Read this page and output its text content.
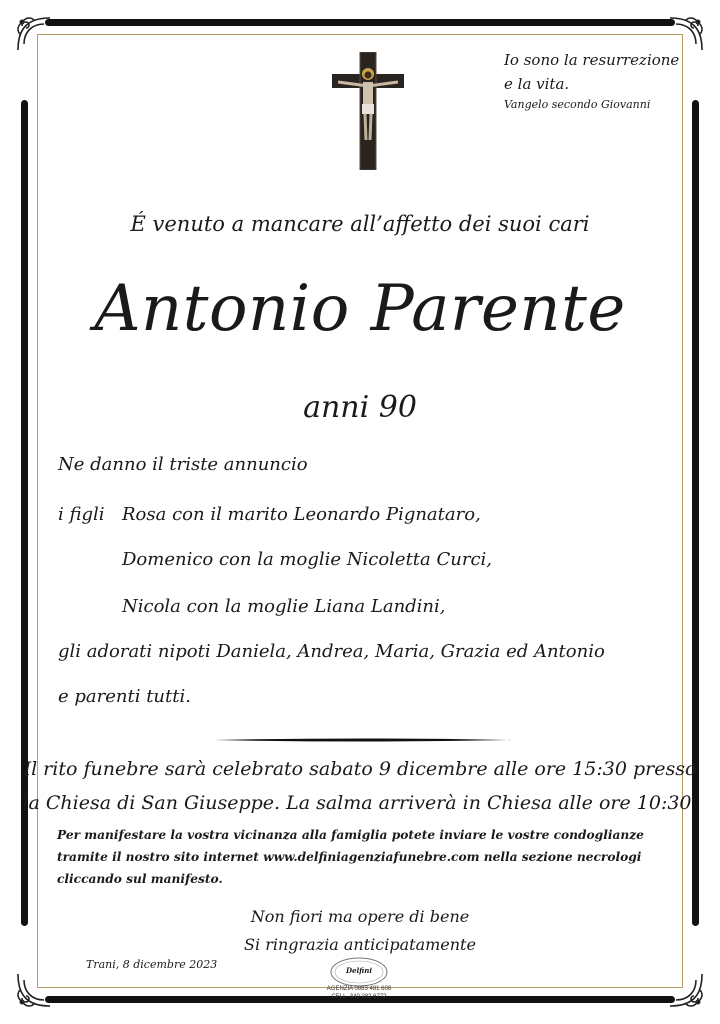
Io sono la resurrezione
e la vita.
Vangelo secondo Giovanni
É venuto a mancare all’affetto dei suoi cari
Antonio Parente
anni 90
Ne danno il triste annuncio
i figli Rosa con il marito Leonardo Pignataro,
Domenico con la moglie Nicoletta Curci,
Nicola con la moglie Liana Landini,
gli adorati nipoti Daniela, Andrea, Maria, Grazia ed Antonio
e parenti tutti.
Il rito funebre sarà celebrato sabato 9 dicembre alle ore 15:30 presso
la Chiesa di San Giuseppe. La salma arriverà in Chiesa alle ore 10:30.
Per manifestare la vostra vicinanza alla famiglia potete inviare le vostre condoglianze
tramite il nostro sito internet www.delfiniagenziafunebre.com nella sezione necrologi
cliccando sul manifesto.
Non fiori ma opere di bene
Si ringrazia anticipatamente
Trani, 8 dicembre 2023	Delfini
AGENZIA 0883 481 608
CELL. 340 282 6772
